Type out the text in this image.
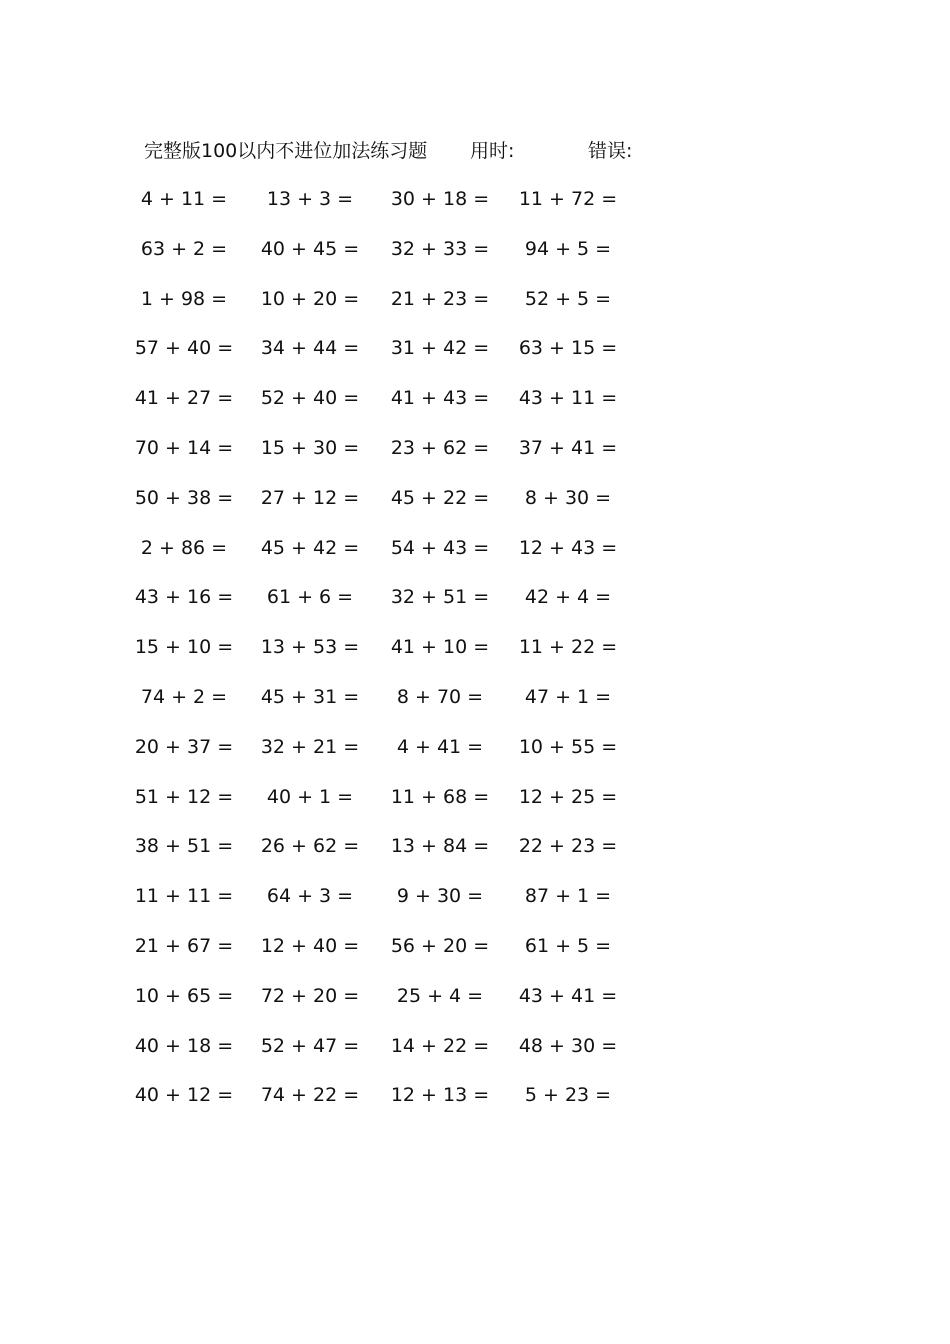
完整版100以内不进位加法练习题 用时:	错误:
4 + 11 =	13 + 3 =	30 + 18 =	11 + 72 =
63 + 2 =	40 + 45 =	32 + 33 =	94 + 5 =
1 + 98 =	10 + 20 =	21 + 23 =	52 + 5 =
57 + 40 =	34 + 44 =	31 + 42 =	63 + 15 =
41 + 27 =	52 + 40 =	41 + 43 =	43 + 11 =
70 + 14 =	15 + 30 =	23 + 62 =	37 + 41 =
50 + 38 =	27 + 12 =	45 + 22 =	8 + 30 =
2 + 86 =	45 + 42 =	54 + 43 =	12 + 43 =
43 + 16 =	61 + 6 =	32 + 51 =	42 + 4 =
15 + 10 =	13 + 53 =	41 + 10 =	11 + 22 =
74 + 2 =	45 + 31 =	8 + 70 =	47 + 1 =
20 + 37 =	32 + 21 =	4 + 41 =	10 + 55 =
51 + 12 =	40 + 1 =	11 + 68 =	12 + 25 =
38 + 51 =	26 + 62 =	13 + 84 =	22 + 23 =
11 + 11 =	64 + 3 =	9 + 30 =	87 + 1 =
21 + 67 =	12 + 40 =	56 + 20 =	61 + 5 =
10 + 65 =	72 + 20 =	25 + 4 =	43 + 41 =
40 + 18 =	52 + 47 =	14 + 22 =	48 + 30 =
40 + 12 =	74 + 22 =	12 + 13 =	5 + 23 =
